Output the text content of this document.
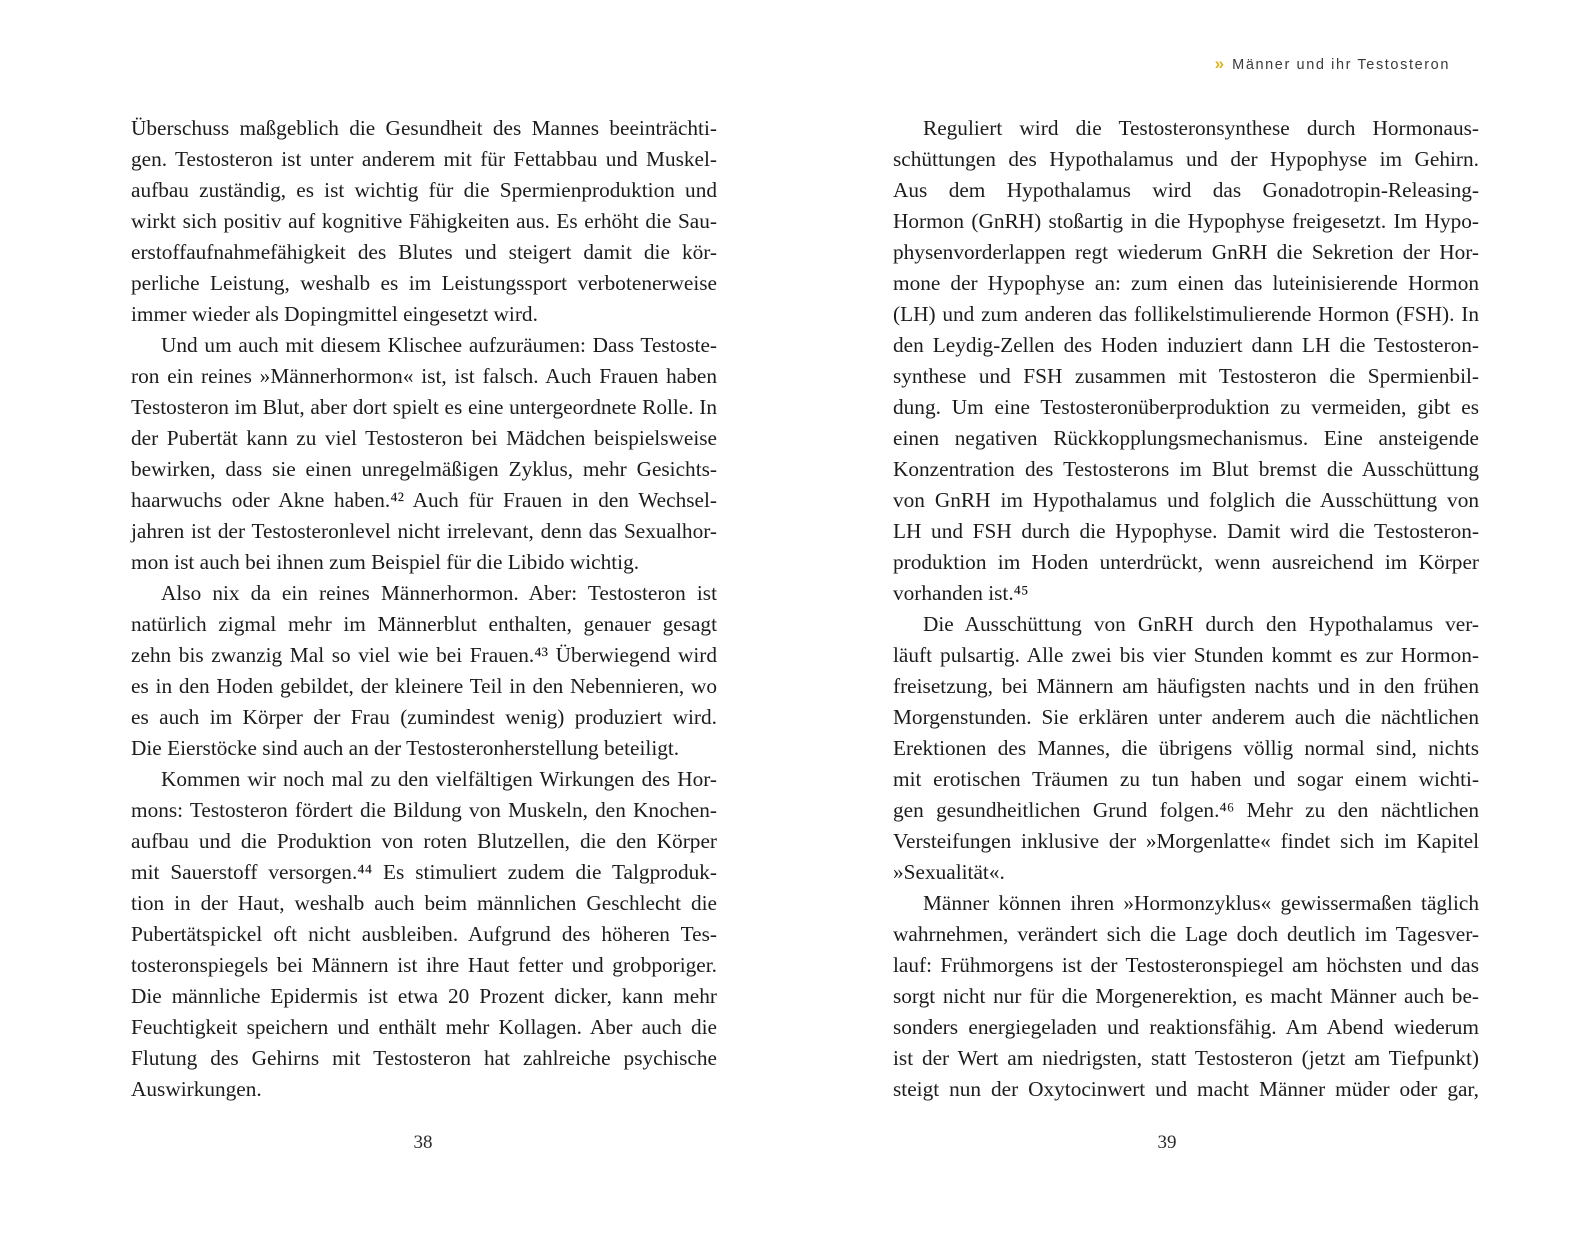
Überschuss maßgeblich die Gesundheit des Mannes beeinträchti-
gen. Testosteron ist unter anderem mit für Fettabbau und Muskel-
aufbau zuständig, es ist wichtig für die Spermienproduktion und
wirkt sich positiv auf kognitive Fähigkeiten aus. Es erhöht die Sau-
erstoffaufnahmefähigkeit des Blutes und steigert damit die kör-
perliche Leistung, weshalb es im Leistungssport verbotenerweise
immer wieder als Dopingmittel eingesetzt wird.
Und um auch mit diesem Klischee aufzuräumen: Dass Testoste-
ron ein reines »Männerhormon« ist, ist falsch. Auch Frauen haben
Testosteron im Blut, aber dort spielt es eine untergeordnete Rolle. In
der Pubertät kann zu viel Testosteron bei Mädchen beispielsweise
bewirken, dass sie einen unregelmäßigen Zyklus, mehr Gesichts-
haarwuchs oder Akne haben.⁴² Auch für Frauen in den Wechsel-
jahren ist der Testosteronlevel nicht irrelevant, denn das Sexualhor-
mon ist auch bei ihnen zum Beispiel für die Libido wichtig.
Also nix da ein reines Männerhormon. Aber: Testosteron ist
natürlich zigmal mehr im Männerblut enthalten, genauer gesagt
zehn bis zwanzig Mal so viel wie bei Frauen.⁴³ Überwiegend wird
es in den Hoden gebildet, der kleinere Teil in den Nebennieren, wo
es auch im Körper der Frau (zumindest wenig) produziert wird.
Die Eierstöcke sind auch an der Testosteronherstellung beteiligt.
Kommen wir noch mal zu den vielfältigen Wirkungen des Hor-
mons: Testosteron fördert die Bildung von Muskeln, den Knochen-
aufbau und die Produktion von roten Blutzellen, die den Körper
mit Sauerstoff versorgen.⁴⁴ Es stimuliert zudem die Talgproduk-
tion in der Haut, weshalb auch beim männlichen Geschlecht die
Pubertätspickel oft nicht ausbleiben. Aufgrund des höheren Tes-
tosteronspiegels bei Männern ist ihre Haut fetter und grobporiger.
Die männliche Epidermis ist etwa 20 Prozent dicker, kann mehr
Feuchtigkeit speichern und enthält mehr Kollagen. Aber auch die
Flutung des Gehirns mit Testosteron hat zahlreiche psychische
Auswirkungen.
38
» Männer und ihr Testosteron
Reguliert wird die Testosteronsynthese durch Hormonaus-
schüttungen des Hypothalamus und der Hypophyse im Gehirn.
Aus dem Hypothalamus wird das Gonadotropin-Releasing-
Hormon (GnRH) stoßartig in die Hypophyse freigesetzt. Im Hypo-
physenvorderlappen regt wiederum GnRH die Sekretion der Hor-
mone der Hypophyse an: zum einen das luteinisierende Hormon
(LH) und zum anderen das follikelstimulierende Hormon (FSH). In
den Leydig-Zellen des Hoden induziert dann LH die Testosteron-
synthese und FSH zusammen mit Testosteron die Spermienbil-
dung. Um eine Testosteronüberproduktion zu vermeiden, gibt es
einen negativen Rückkopplungsmechanismus. Eine ansteigende
Konzentration des Testosterons im Blut bremst die Ausschüttung
von GnRH im Hypothalamus und folglich die Ausschüttung von
LH und FSH durch die Hypophyse. Damit wird die Testosteron-
produktion im Hoden unterdrückt, wenn ausreichend im Körper
vorhanden ist.⁴⁵
Die Ausschüttung von GnRH durch den Hypothalamus ver-
läuft pulsartig. Alle zwei bis vier Stunden kommt es zur Hormon-
freisetzung, bei Männern am häufigsten nachts und in den frühen
Morgenstunden. Sie erklären unter anderem auch die nächtlichen
Erektionen des Mannes, die übrigens völlig normal sind, nichts
mit erotischen Träumen zu tun haben und sogar einem wichti-
gen gesundheitlichen Grund folgen.⁴⁶ Mehr zu den nächtlichen
Versteifungen inklusive der »Morgenlatte« findet sich im Kapitel
»Sexualität«.
Männer können ihren »Hormonzyklus« gewissermaßen täglich
wahrnehmen, verändert sich die Lage doch deutlich im Tagesver-
lauf: Frühmorgens ist der Testosteronspiegel am höchsten und das
sorgt nicht nur für die Morgenerektion, es macht Männer auch be-
sonders energiegeladen und reaktionsfähig. Am Abend wiederum
ist der Wert am niedrigsten, statt Testosteron (jetzt am Tiefpunkt)
steigt nun der Oxytocinwert und macht Männer müder oder gar,
39
